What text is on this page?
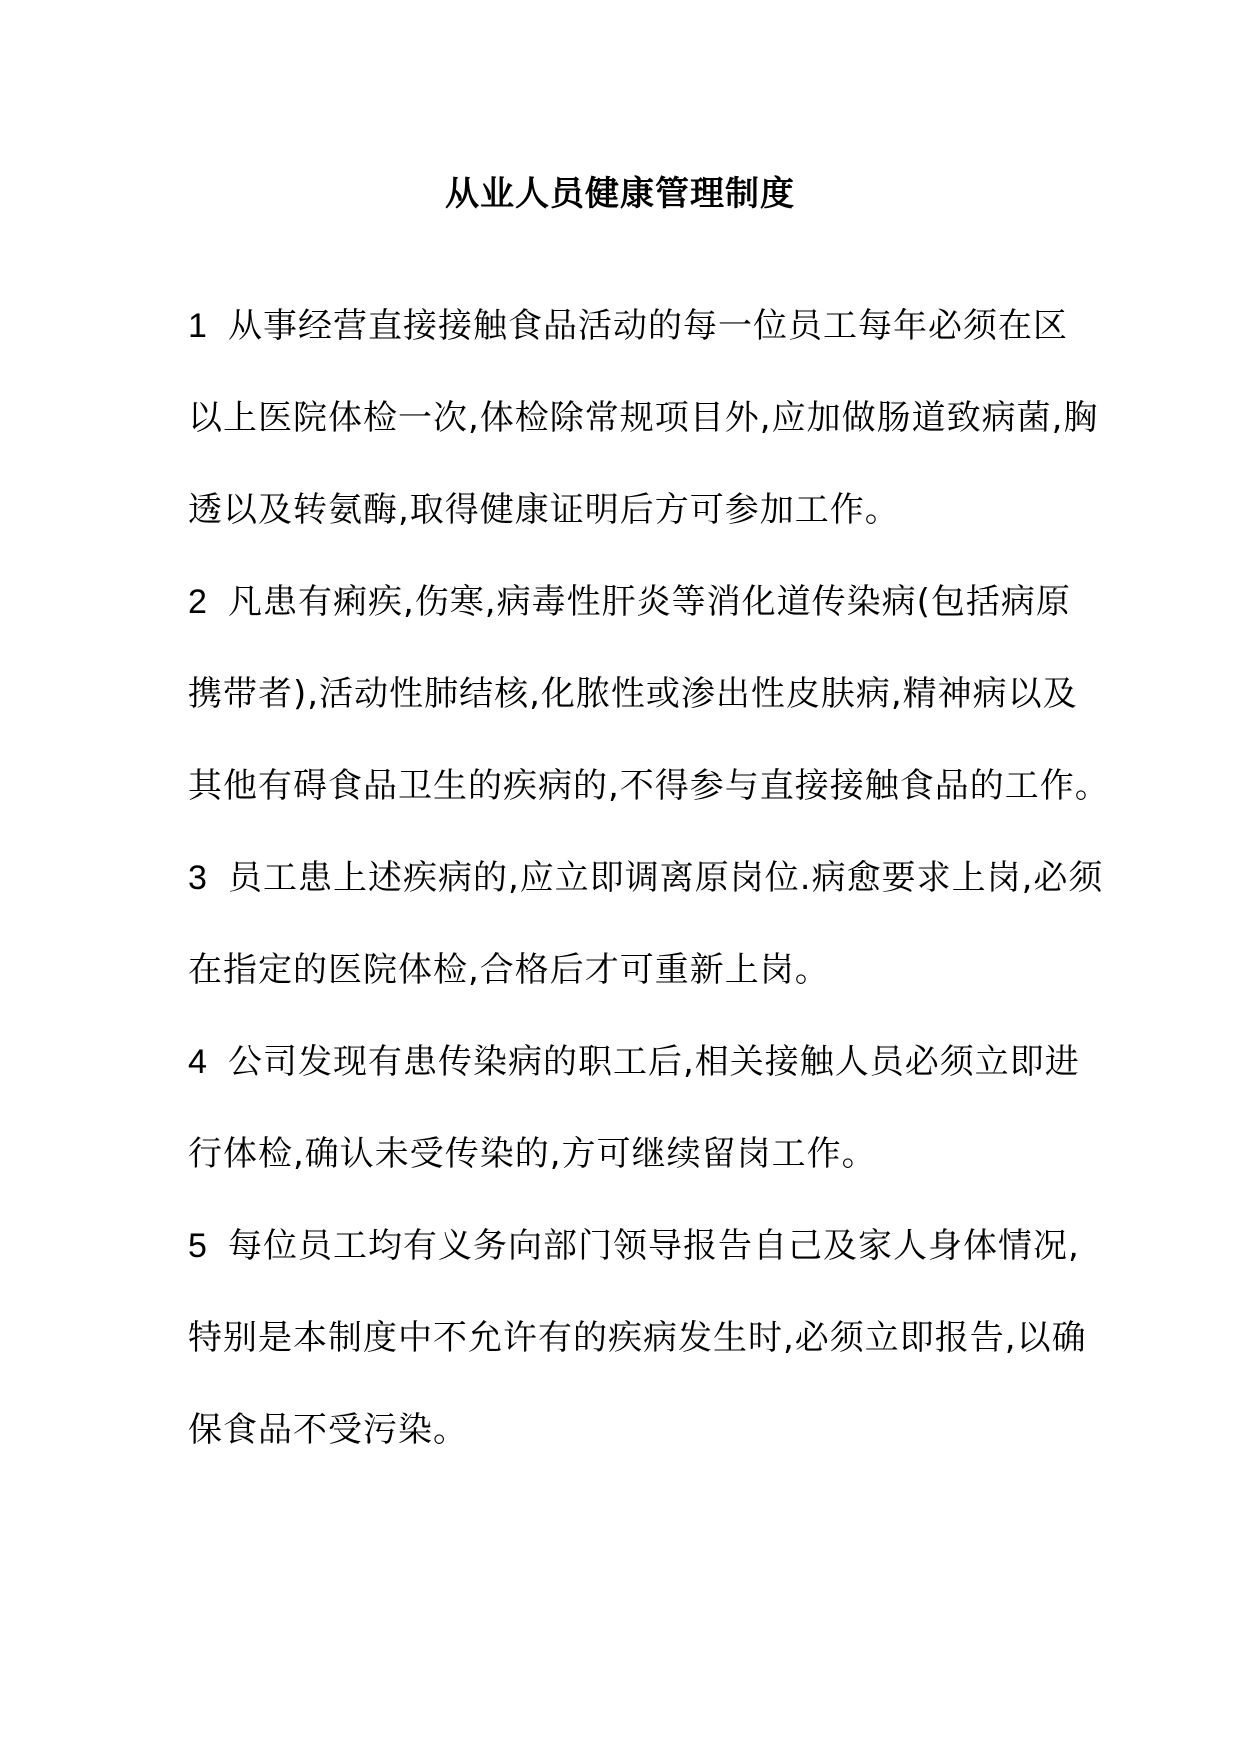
从业人员健康管理制度
1 从事经营直接接触食品活动的每一位员工每年必须在区
以上医院体检一次,体检除常规项目外,应加做肠道致病菌,胸
透以及转氨酶,取得健康证明后方可参加工作。
2 凡患有痢疾,伤寒,病毒性肝炎等消化道传染病(包括病原
携带者),活动性肺结核,化脓性或渗出性皮肤病,精神病以及
其他有碍食品卫生的疾病的,不得参与直接接触食品的工作。
3 员工患上述疾病的,应立即调离原岗位.病愈要求上岗,必须
在指定的医院体检,合格后才可重新上岗。
4 公司发现有患传染病的职工后,相关接触人员必须立即进
行体检,确认未受传染的,方可继续留岗工作。
5 每位员工均有义务向部门领导报告自己及家人身体情况,
特别是本制度中不允许有的疾病发生时,必须立即报告,以确
保食品不受污染。
